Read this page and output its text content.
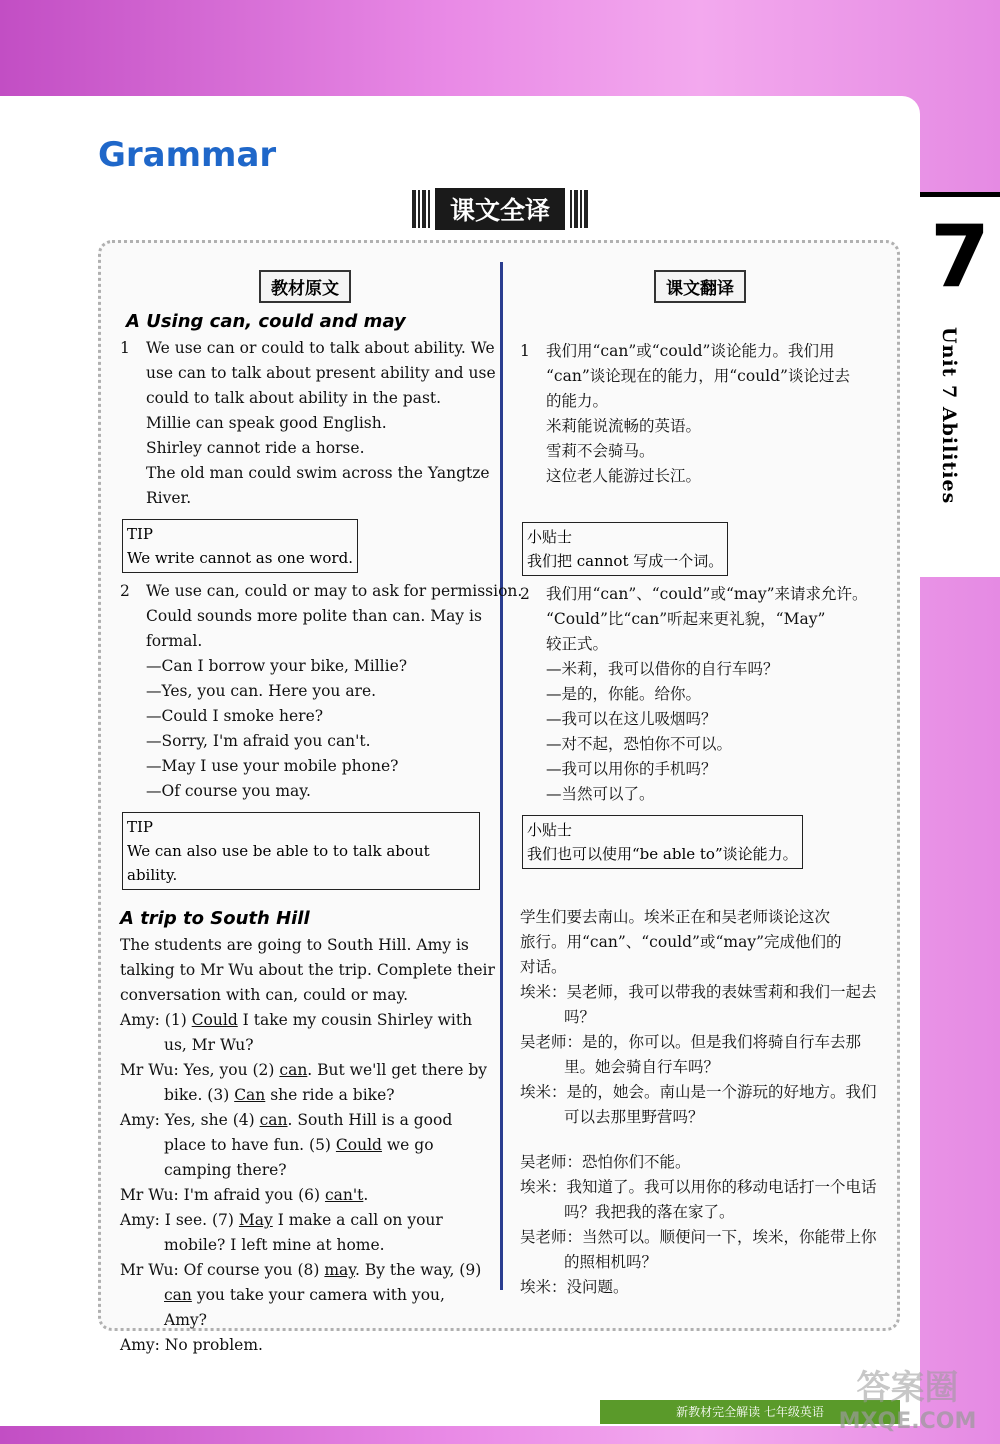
Grammar
课文全译	7
Unit 7 Abilities
教材原文
A Using can, could and may
1 We use can or could to talk about ability. We
use can to talk about present ability and use
could to talk about ability in the past.
Millie can speak good English.
Shirley cannot ride a horse.
The old man could swim across the Yangtze
River.
TIP
We write cannot as one word.
2 We use can, could or may to ask for permission.
Could sounds more polite than can. May is
formal.
—Can I borrow your bike, Millie?
—Yes, you can. Here you are.
—Could I smoke here?
—Sorry, I'm afraid you can't.
—May I use your mobile phone?
—Of course you may.
TIP
We can also use be able to to talk about ability.
A trip to South Hill
The students are going to South Hill. Amy is
talking to Mr Wu about the trip. Complete their
conversation with can, could or may.
Amy: (1) Could I take my cousin Shirley with us, Mr Wu?
Mr Wu: Yes, you (2) can. But we'll get there by bike. (3) Can she ride a bike?
Amy: Yes, she (4) can. South Hill is a good place to have fun. (5) Could we go camping there?
Mr Wu: I'm afraid you (6) can't.
Amy: I see. (7) May I make a call on your mobile? I left mine at home.
Mr Wu: Of course you (8) may. By the way, (9) can you take your camera with you, Amy?
Amy: No problem.
课文翻译
1 我们用“can”或“could”谈论能力。我们用
“can”谈论现在的能力，用“could”谈论过去
的能力。
米莉能说流畅的英语。
雪莉不会骑马。
这位老人能游过长江。
小贴士
我们把 cannot 写成一个词。
2 我们用“can”、“could”或“may”来请求允许。
“Could”比“can”听起来更礼貌，“May”
较正式。
—米莉，我可以借你的自行车吗？
—是的，你能。给你。
—我可以在这儿吸烟吗？
—对不起，恐怕你不可以。
—我可以用你的手机吗？
—当然可以了。
小贴士
我们也可以使用“be able to”谈论能力。
学生们要去南山。埃米正在和吴老师谈论这次
旅行。用“can”、“could”或“may”完成他们的
对话。
埃米：吴老师，我可以带我的表妹雪莉和我们一起去吗？
吴老师：是的，你可以。但是我们将骑自行车去那里。她会骑自行车吗？
埃米：是的，她会。南山是一个游玩的好地方。我们可以去那里野营吗？
吴老师：恐怕你们不能。
埃米：我知道了。我可以用你的移动电话打一个电话吗？我把我的落在家了。
吴老师：当然可以。顺便问一下，埃米，你能带上你的照相机吗？
埃米：没问题。
新教材完全解读 七年级英语
答案圈
MXQE.COM
